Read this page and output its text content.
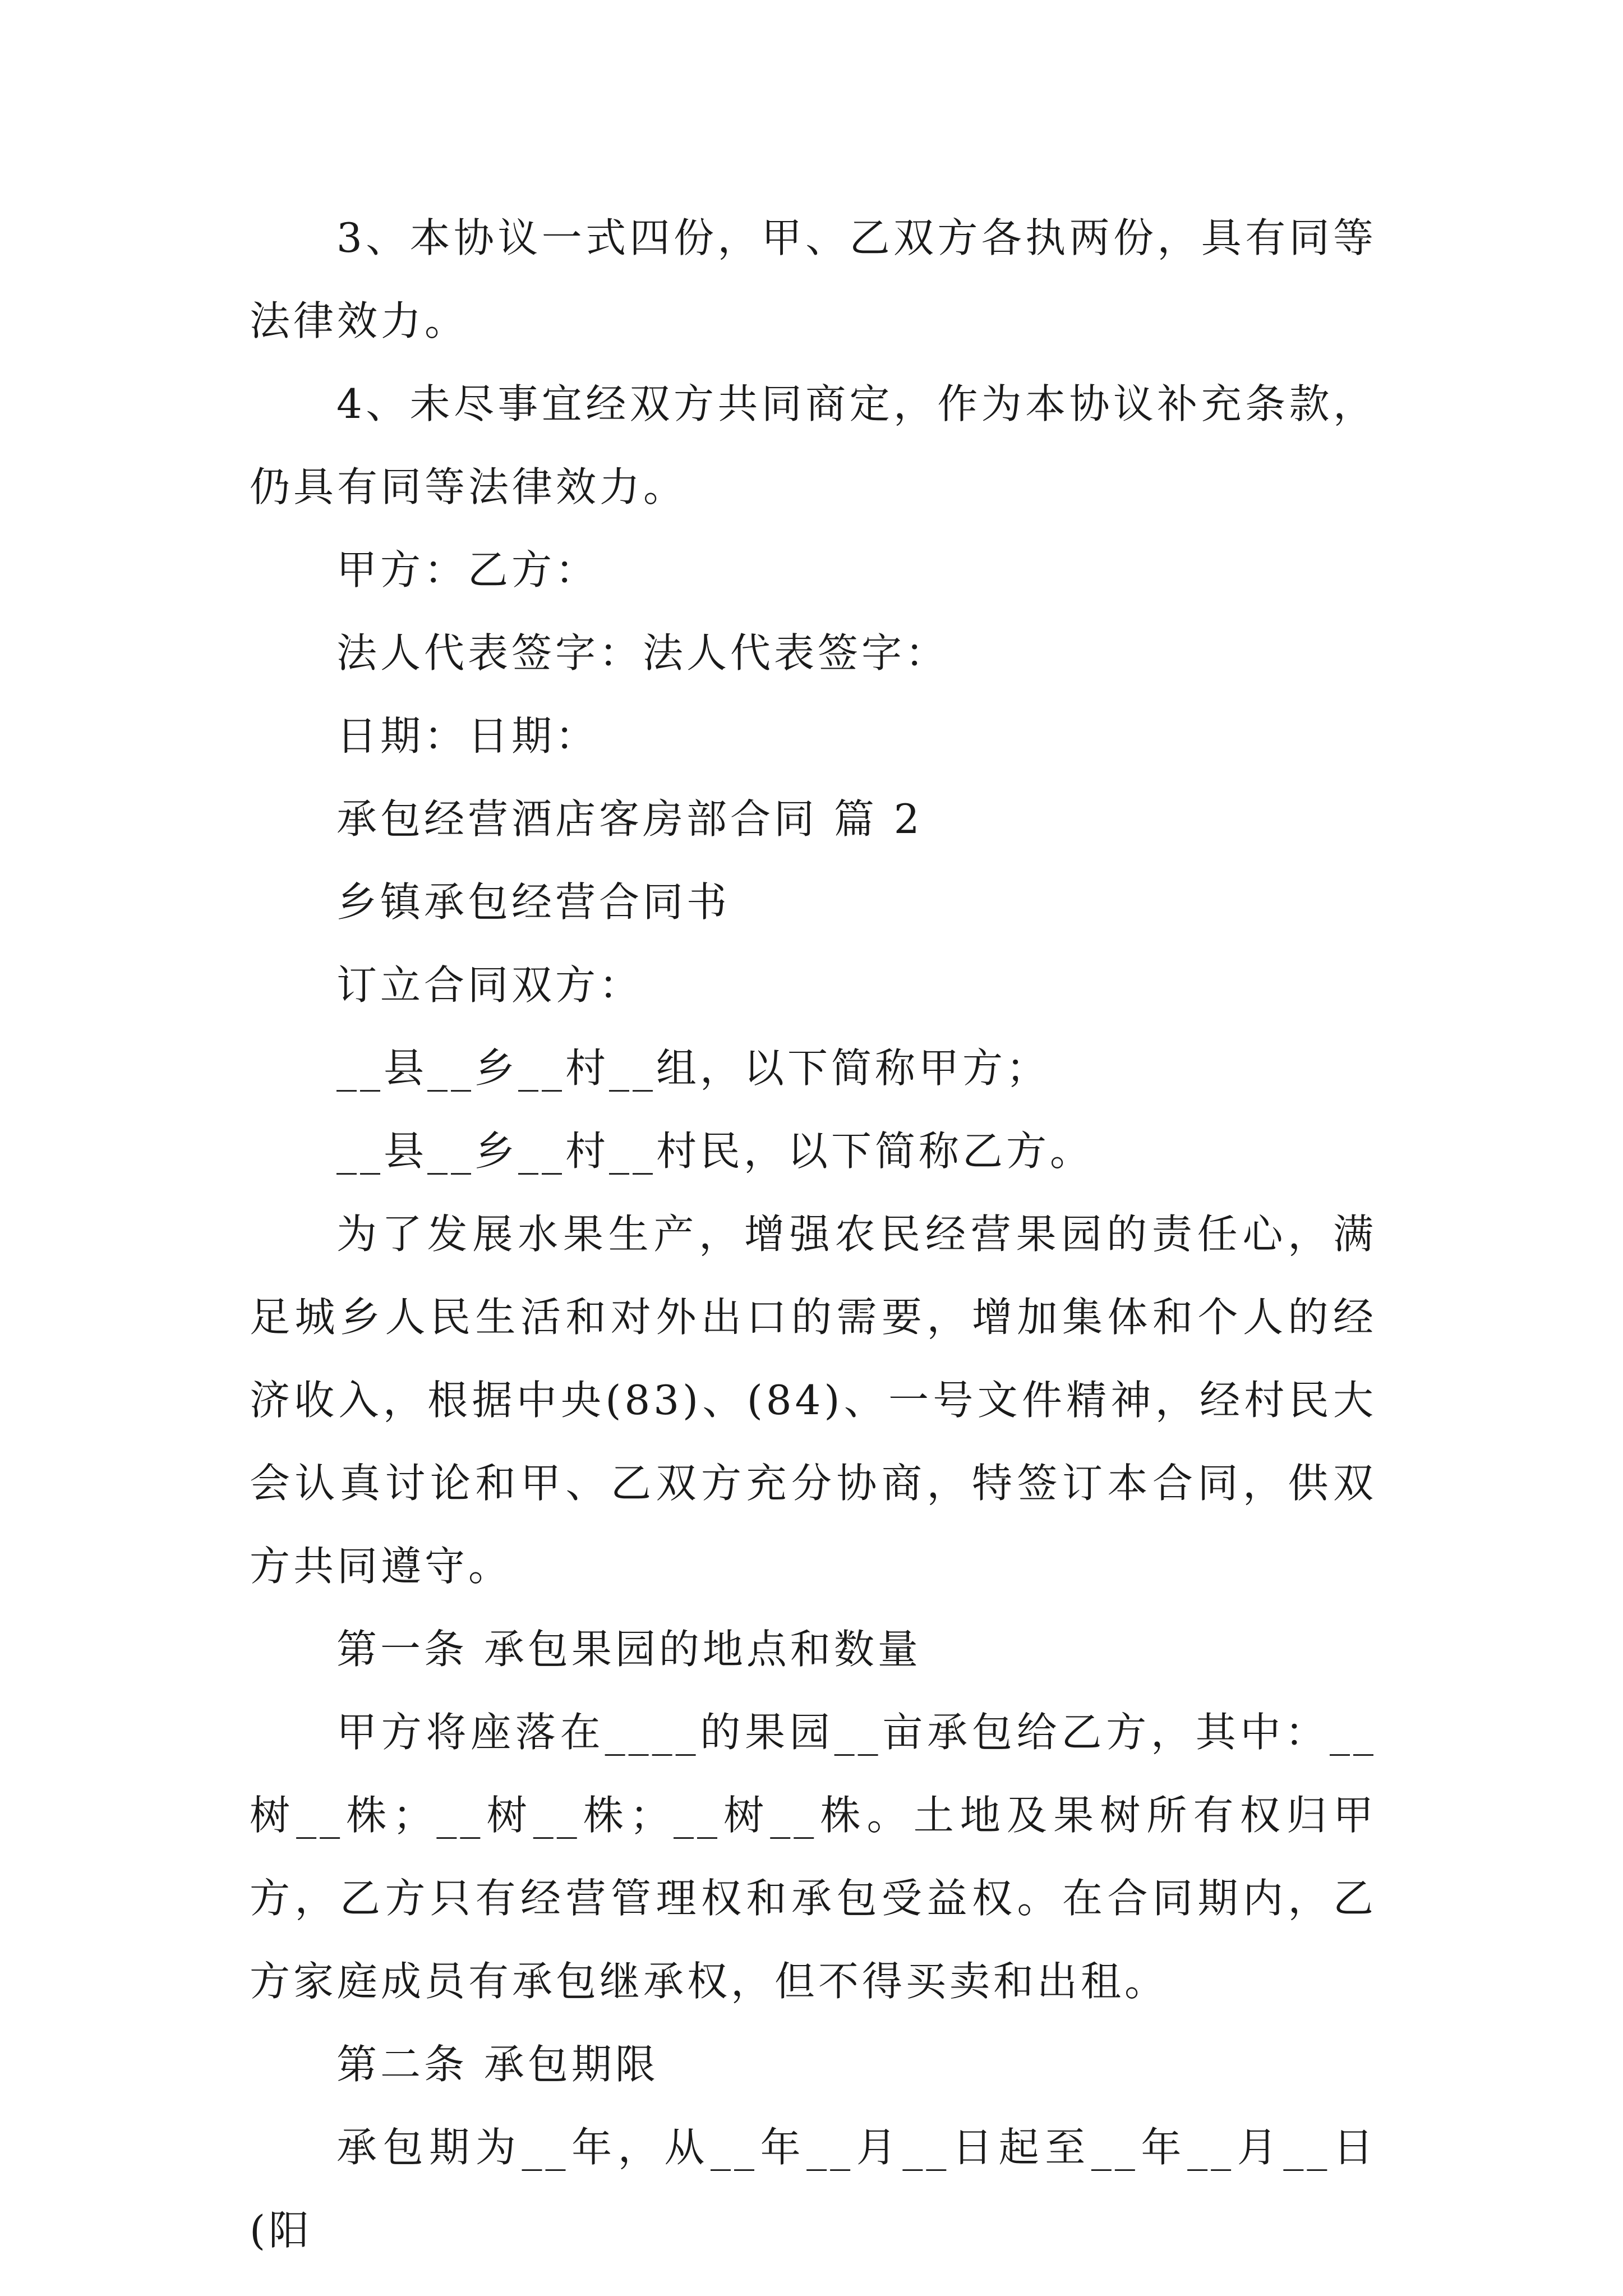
3、本协议一式四份，甲、乙双方各执两份，具有同等法律效力。

4、未尽事宜经双方共同商定，作为本协议补充条款，仍具有同等法律效力。

甲方：乙方：

法人代表签字：法人代表签字：

日期：日期：

承包经营酒店客房部合同 篇 2

乡镇承包经营合同书

订立合同双方：

__县__乡__村__组，以下简称甲方；

__县__乡__村__村民，以下简称乙方。

为了发展水果生产，增强农民经营果园的责任心，满足城乡人民生活和对外出口的需要，增加集体和个人的经济收入，根据中央(83)、(84)、一号文件精神，经村民大会认真讨论和甲、乙双方充分协商，特签订本合同，供双方共同遵守。

第一条 承包果园的地点和数量

甲方将座落在____的果园__亩承包给乙方，其中：__树__株；__树__株；__树__株。土地及果树所有权归甲方，乙方只有经营管理权和承包受益权。在合同期内，乙方家庭成员有承包继承权，但不得买卖和出租。

第二条 承包期限

承包期为__年，从__年__月__日起至__年__月__日(阳
